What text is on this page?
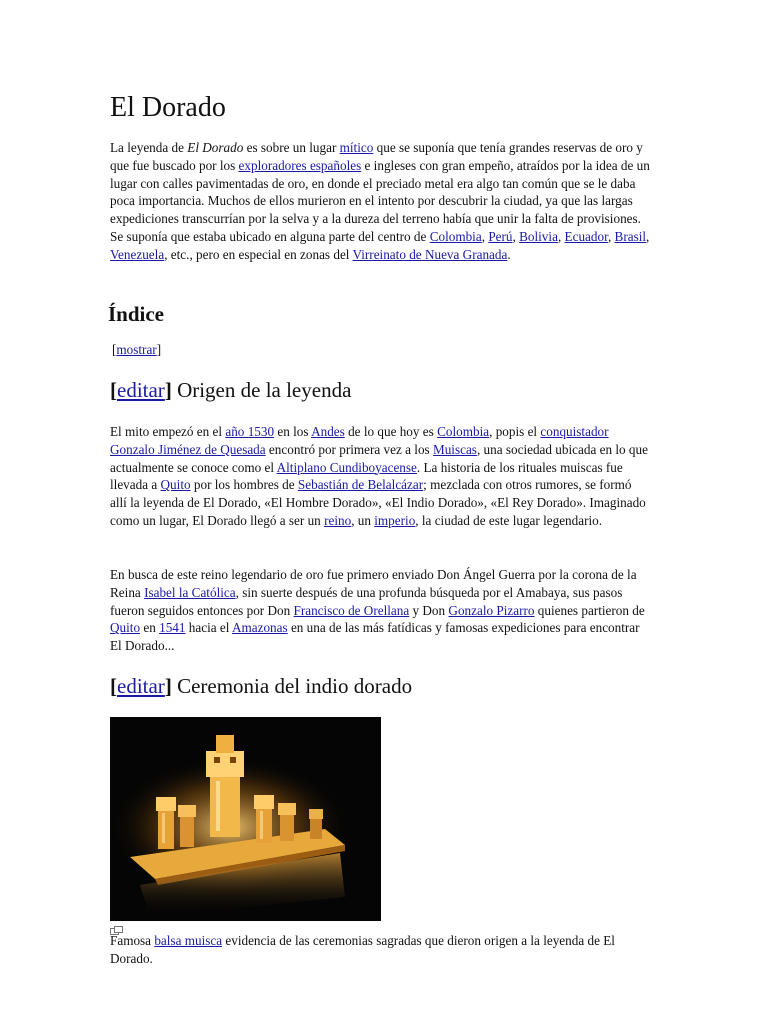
El Dorado

La leyenda de El Dorado es sobre un lugar mítico que se suponía que tenía grandes reservas de oro y que fue buscado por los exploradores españoles e ingleses con gran empeño, atraídos por la idea de un lugar con calles pavimentadas de oro, en donde el preciado metal era algo tan común que se le daba poca importancia. Muchos de ellos murieron en el intento por descubrir la ciudad, ya que las largas expediciones transcurrían por la selva y a la dureza del terreno había que unir la falta de provisiones. Se suponía que estaba ubicado en alguna parte del centro de Colombia, Perú, Bolivia, Ecuador, Brasil, Venezuela, etc., pero en especial en zonas del Virreinato de Nueva Granada.

Índice
[mostrar]
[editar] Origen de la leyenda

El mito empezó en el año 1530 en los Andes de lo que hoy es Colombia, popis el conquistador Gonzalo Jiménez de Quesada encontró por primera vez a los Muiscas, una sociedad ubicada en lo que actualmente se conoce como el Altiplano Cundiboyacense. La historia de los rituales muiscas fue llevada a Quito por los hombres de Sebastián de Belalcázar; mezclada con otros rumores, se formó allí la leyenda de El Dorado, «El Hombre Dorado», «El Indio Dorado», «El Rey Dorado». Imaginado como un lugar, El Dorado llegó a ser un reino, un imperio, la ciudad de este lugar legendario.

En busca de este reino legendario de oro fue primero enviado Don Ángel Guerra por la corona de la Reina Isabel la Católica, sin suerte después de una profunda búsqueda por el Amabaya, sus pasos fueron seguidos entonces por Don Francisco de Orellana y Don Gonzalo Pizarro quienes partieron de Quito en 1541 hacia el Amazonas en una de las más fatídicas y famosas expediciones para encontrar El Dorado...

[editar] Ceremonia del indio dorado

Famosa balsa muisca evidencia de las ceremonias sagradas que dieron origen a la leyenda de El Dorado.
